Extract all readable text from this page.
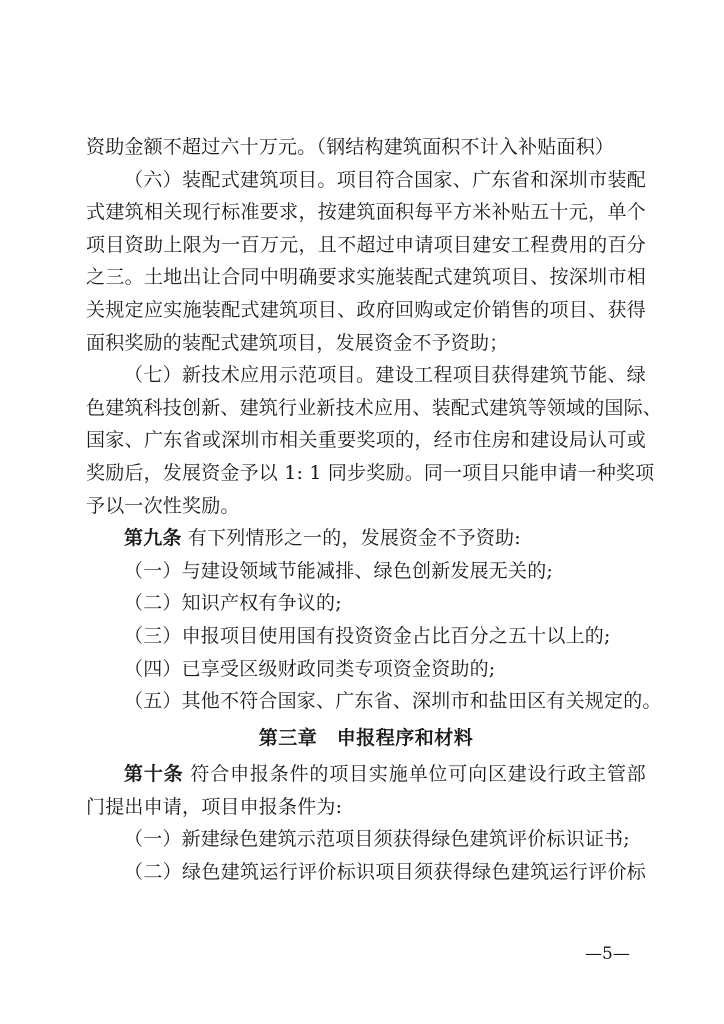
资助金额不超过六十万元。（钢结构建筑面积不计入补贴面积）
（六）装配式建筑项目。项目符合国家、广东省和深圳市装配
式建筑相关现行标准要求，按建筑面积每平方米补贴五十元，单个
项目资助上限为一百万元，且不超过申请项目建安工程费用的百分
之三。土地出让合同中明确要求实施装配式建筑项目、按深圳市相
关规定应实施装配式建筑项目、政府回购或定价销售的项目、获得
面积奖励的装配式建筑项目，发展资金不予资助；
（七）新技术应用示范项目。建设工程项目获得建筑节能、绿
色建筑科技创新、建筑行业新技术应用、装配式建筑等领域的国际、
国家、广东省或深圳市相关重要奖项的，经市住房和建设局认可或
奖励后，发展资金予以 1: 1 同步奖励。同一项目只能申请一种奖项
予以一次性奖励。
第九条 有下列情形之一的，发展资金不予资助:
（一）与建设领域节能减排、绿色创新发展无关的;
（二）知识产权有争议的;
（三）申报项目使用国有投资资金占比百分之五十以上的;
（四）已享受区级财政同类专项资金资助的;
（五）其他不符合国家、广东省、深圳市和盐田区有关规定的。
第三章　申报程序和材料
第十条 符合申报条件的项目实施单位可向区建设行政主管部
门提出申请，项目申报条件为:
（一）新建绿色建筑示范项目须获得绿色建筑评价标识证书;
（二）绿色建筑运行评价标识项目须获得绿色建筑运行评价标
—5—
